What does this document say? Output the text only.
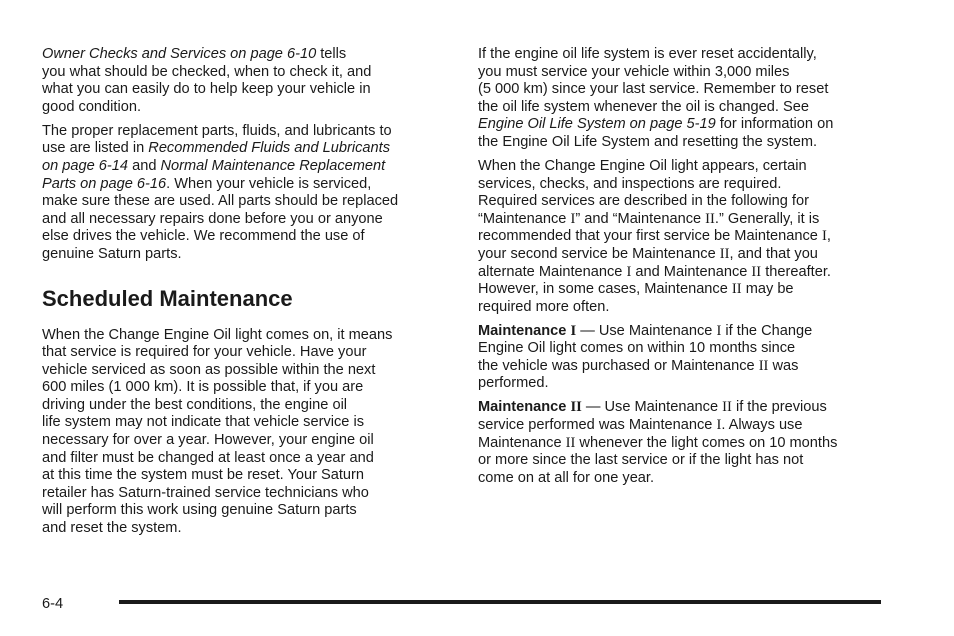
Owner Checks and Services on page 6-10 tells
you what should be checked, when to check it, and
what you can easily do to help keep your vehicle in
good condition.

The proper replacement parts, fluids, and lubricants to
use are listed in Recommended Fluids and Lubricants
on page 6-14 and Normal Maintenance Replacement
Parts on page 6-16. When your vehicle is serviced,
make sure these are used. All parts should be replaced
and all necessary repairs done before you or anyone
else drives the vehicle. We recommend the use of
genuine Saturn parts.

Scheduled Maintenance

When the Change Engine Oil light comes on, it means
that service is required for your vehicle. Have your
vehicle serviced as soon as possible within the next
600 miles (1 000 km). It is possible that, if you are
driving under the best conditions, the engine oil
life system may not indicate that vehicle service is
necessary for over a year. However, your engine oil
and filter must be changed at least once a year and
at this time the system must be reset. Your Saturn
retailer has Saturn-trained service technicians who
will perform this work using genuine Saturn parts
and reset the system.

If the engine oil life system is ever reset accidentally,
you must service your vehicle within 3,000 miles
(5 000 km) since your last service. Remember to reset
the oil life system whenever the oil is changed. See
Engine Oil Life System on page 5-19 for information on
the Engine Oil Life System and resetting the system.

When the Change Engine Oil light appears, certain
services, checks, and inspections are required.
Required services are described in the following for
“Maintenance I” and “Maintenance II.” Generally, it is
recommended that your first service be Maintenance I,
your second service be Maintenance II, and that you
alternate Maintenance I and Maintenance II thereafter.
However, in some cases, Maintenance II may be
required more often.

Maintenance I — Use Maintenance I if the Change
Engine Oil light comes on within 10 months since
the vehicle was purchased or Maintenance II was
performed.

Maintenance II — Use Maintenance II if the previous
service performed was Maintenance I. Always use
Maintenance II whenever the light comes on 10 months
or more since the last service or if the light has not
come on at all for one year.

6-4
